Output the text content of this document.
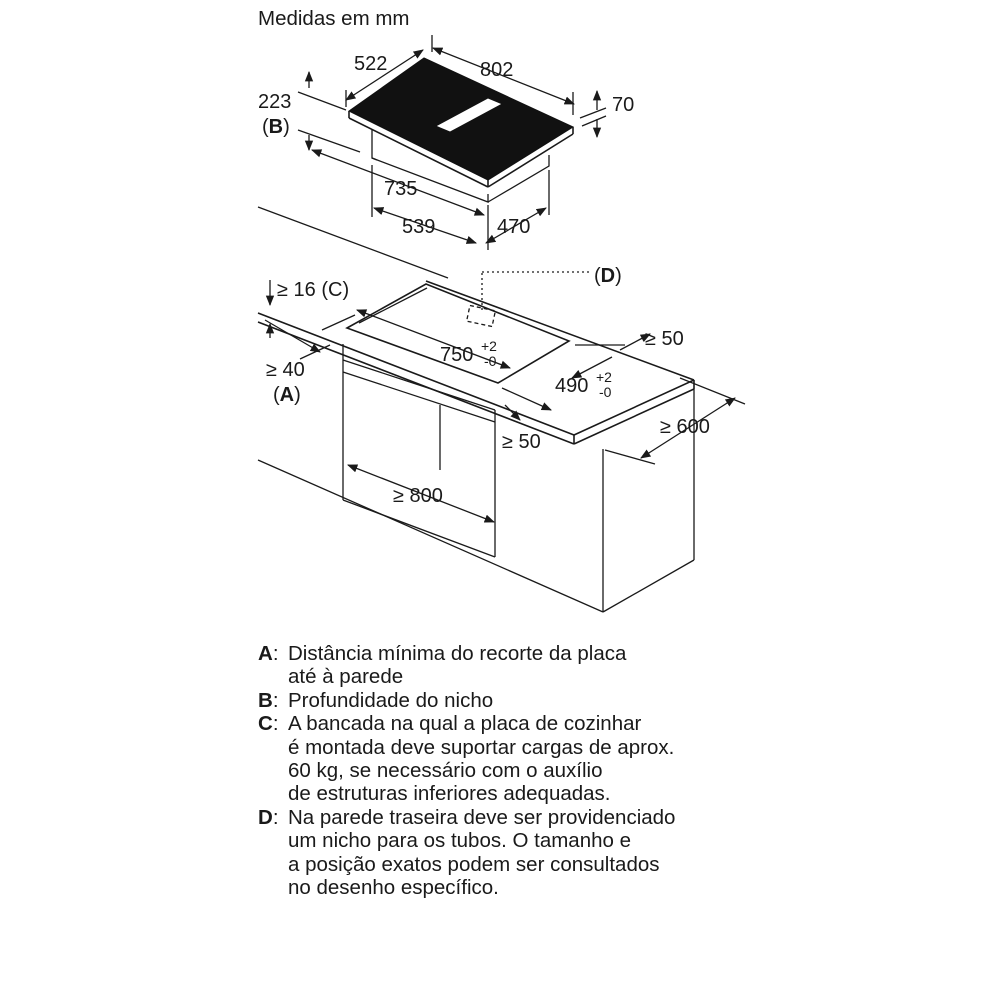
Medidas em mm
802
522
70
223
(B)
735
539	470
≥ 16 (C)
≥ 40
(A)
750 +2
-0
490 +2
-0
≥ 50
≥ 50
≥ 600
≥ 800
(D)
A: Distância mínima do recorte da placa
até à parede
B: Profundidade do nicho
C: A bancada na qual a placa de cozinhar
é montada deve suportar cargas de aprox.
60 kg, se necessário com o auxílio
de estruturas inferiores adequadas.
D: Na parede traseira deve ser providenciado
um nicho para os tubos. O tamanho e
a posição exatos podem ser consultados
no desenho específico.
